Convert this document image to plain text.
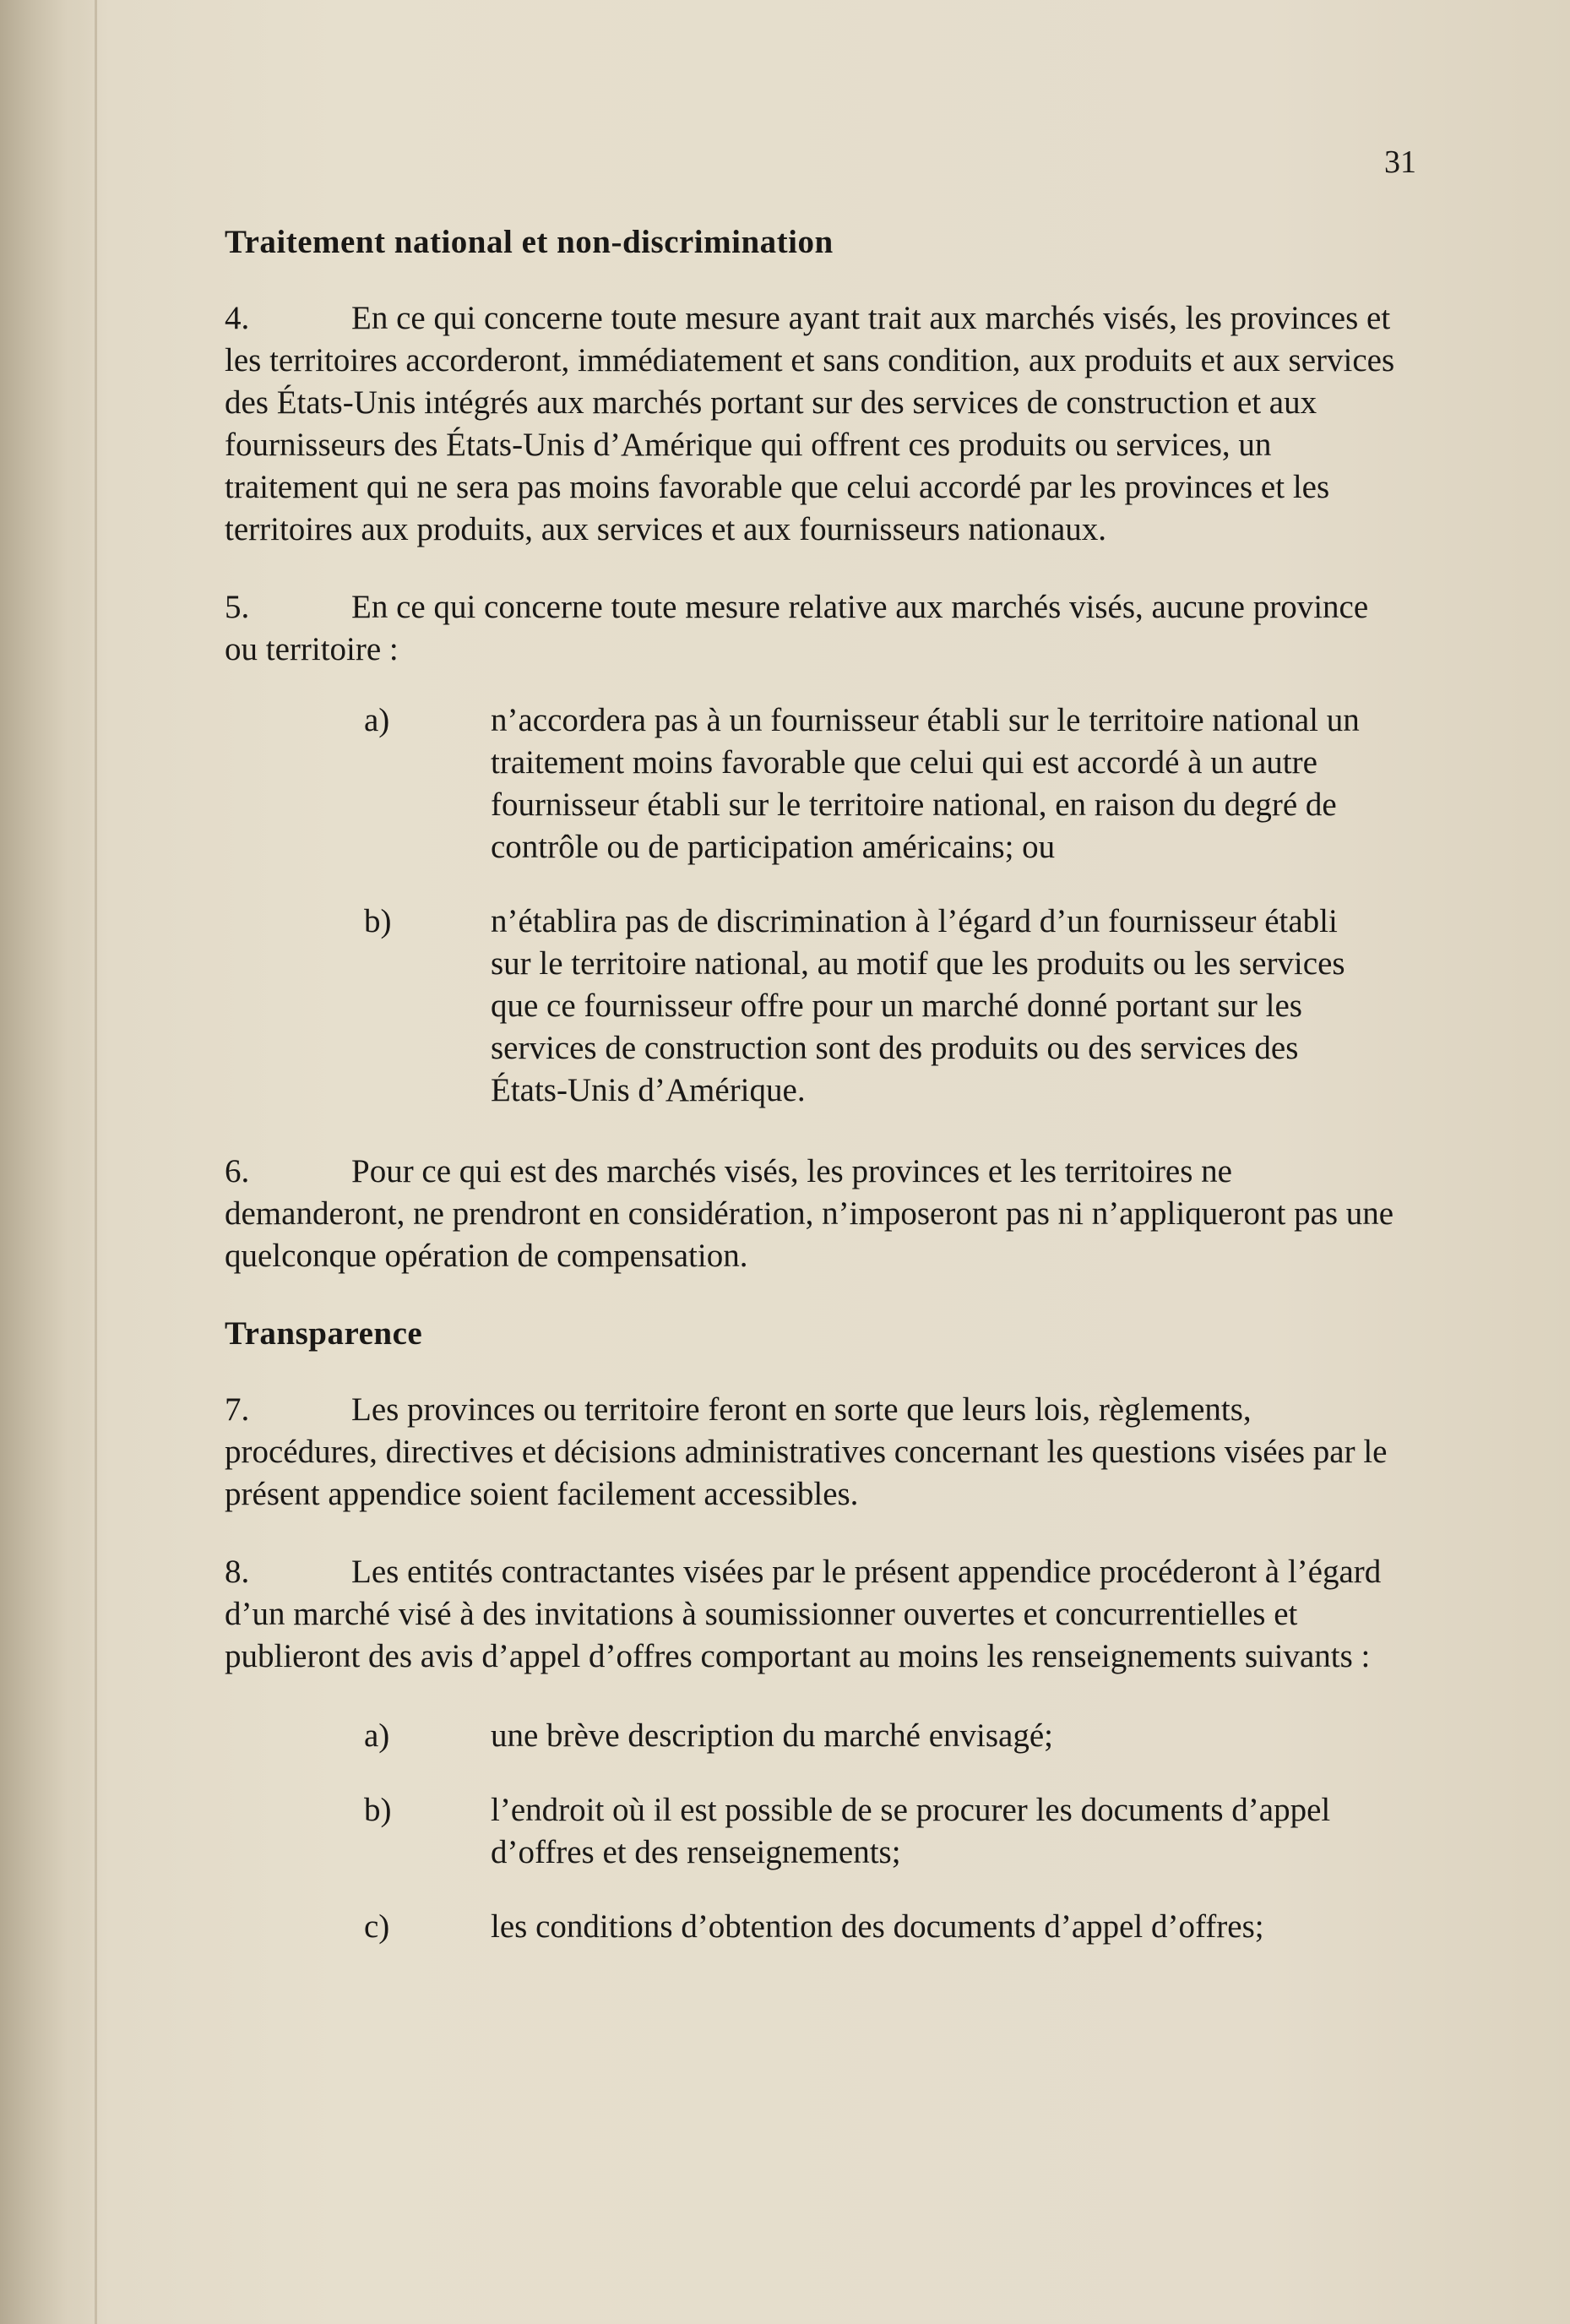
31
Traitement national et non-discrimination
4.	En ce qui concerne toute mesure ayant trait aux marchés visés, les provinces et les territoires accorderont, immédiatement et sans condition, aux produits et aux services des États-Unis intégrés aux marchés portant sur des services de construction et aux fournisseurs des États-Unis d’Amérique qui offrent ces produits ou services, un traitement qui ne sera pas moins favorable que celui accordé par les provinces et les territoires aux produits, aux services et aux fournisseurs nationaux.
5.	En ce qui concerne toute mesure relative aux marchés visés, aucune province ou territoire :
a)	n’accordera pas à un fournisseur établi sur le territoire national un traitement moins favorable que celui qui est accordé à un autre fournisseur établi sur le territoire national, en raison du degré de contrôle ou de participation américains; ou
b)	n’établira pas de discrimination à l’égard d’un fournisseur établi sur le territoire national, au motif que les produits ou les services que ce fournisseur offre pour un marché donné portant sur les services de construction sont des produits ou des services des États-Unis d’Amérique.
6.	Pour ce qui est des marchés visés, les provinces et les territoires ne demanderont, ne prendront en considération, n’imposeront pas ni n’appliqueront pas une quelconque opération de compensation.
Transparence
7.	Les provinces ou territoire feront en sorte que leurs lois, règlements, procédures, directives et décisions administratives concernant les questions visées par le présent appendice soient facilement accessibles.
8.	Les entités contractantes visées par le présent appendice procéderont à l’égard d’un marché visé à des invitations à soumissionner ouvertes et concurrentielles et publieront des avis d’appel d’offres comportant au moins les renseignements suivants :
a)	une brève description du marché envisagé;
b)	l’endroit où il est possible de se procurer les documents d’appel d’offres et des renseignements;
c)	les conditions d’obtention des documents d’appel d’offres;
